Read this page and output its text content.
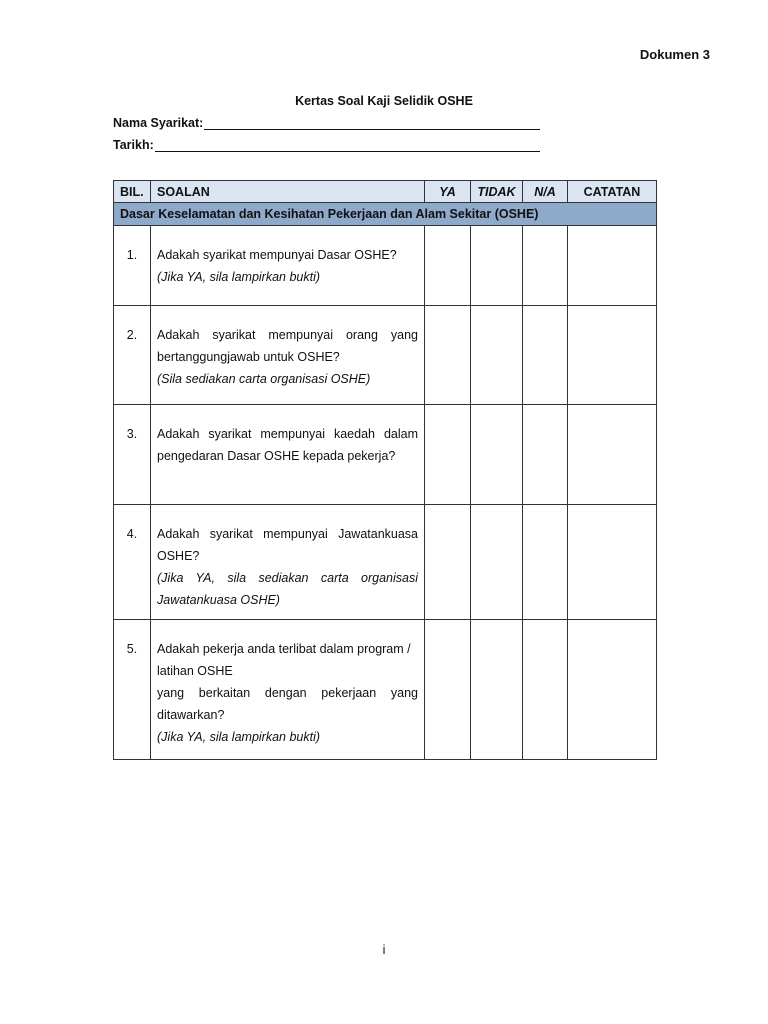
Dokumen 3
Kertas Soal Kaji Selidik OSHE
Nama Syarikat:
Tarikh:
BIL.	SOALAN	YA	TIDAK	N/A	CATATAN
Dasar Keselamatan dan Kesihatan Pekerjaan dan Alam Sekitar (OSHE)					
1.	Adakah syarikat mempunyai Dasar OSHE?
(Jika YA, sila lampirkan bukti)				

2.	Adakah syarikat mempunyai orang yang
bertanggungjawab untuk OSHE?
(Sila sediakan carta organisasi OSHE)				

3.	Adakah syarikat mempunyai kaedah dalam
pengedaran Dasar OSHE kepada pekerja?				

4.	Adakah syarikat mempunyai Jawatankuasa
OSHE?
(Jika YA, sila sediakan carta organisasi
Jawatankuasa OSHE)				

5.	Adakah pekerja anda terlibat dalam program /
latihan OSHE
yang berkaitan dengan pekerjaan yang
ditawarkan?
(Jika YA, sila lampirkan bukti)				

i
